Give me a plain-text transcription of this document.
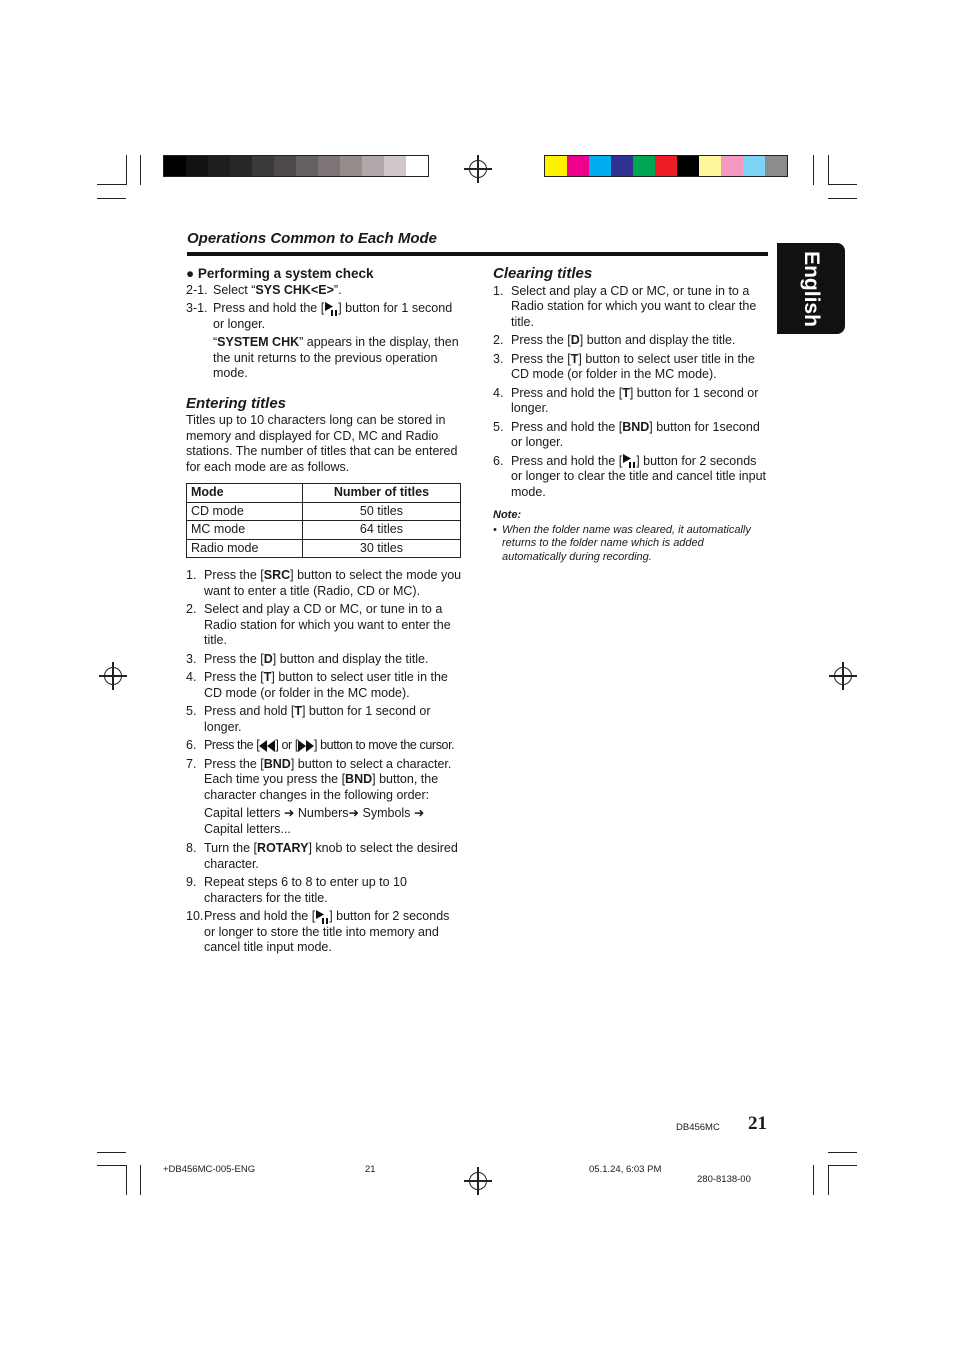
Operations Common to Each Mode
English
● Performing a system check
2-1. Select “SYS CHK<E>”.
3-1. Press and hold the [ ] button for 1 second or longer.
“SYSTEM CHK” appears in the display, then the unit returns to the previous operation mode.
Entering titles
Titles up to 10 characters long can be stored in memory and displayed for CD, MC and Radio stations. The number of titles that can be entered for each mode are as follows.
Mode	Number of titles
CD mode	50 titles
MC mode	64 titles
Radio mode	30 titles
1. Press the [SRC] button to select the mode you want to enter a title (Radio, CD or MC).
2. Select and play a CD or MC, or tune in to a Radio station for which you want to enter the title.
3. Press the [D] button and display the title.
4. Press the [T] button to select user title in the CD mode (or folder in the MC mode).
5. Press and hold [T] button for 1 second or longer.
6. Press the [ ] or [ ] button to move the cursor.
7. Press the [BND] button to select a character. Each time you press the [BND] button, the character changes in the following order:
Capital letters ➜ Numbers➜ Symbols ➜ Capital letters...
8. Turn the [ROTARY] knob to select the desired character.
9. Repeat steps 6 to 8 to enter up to 10 characters for the title.
10. Press and hold the [ ] button for 2 seconds or longer to store the title into memory and cancel title input mode.
Clearing titles
1. Select and play a CD or MC, or tune in to a Radio station for which you want to clear the title.
2. Press the [D] button and display the title.
3. Press the [T] button to select user title in the CD mode (or folder in the MC mode).
4. Press and hold the [T] button for 1 second or longer.
5. Press and hold the [BND] button for 1second or longer.
6. Press and hold the [ ] button for 2 seconds or longer to clear the title and cancel title input mode.
Note:
• When the folder name was cleared, it automatically returns to the folder name which is added automatically during recording.
DB456MC 21
+DB456MC-005-ENG	21	05.1.24, 6:03 PM
280-8138-00
